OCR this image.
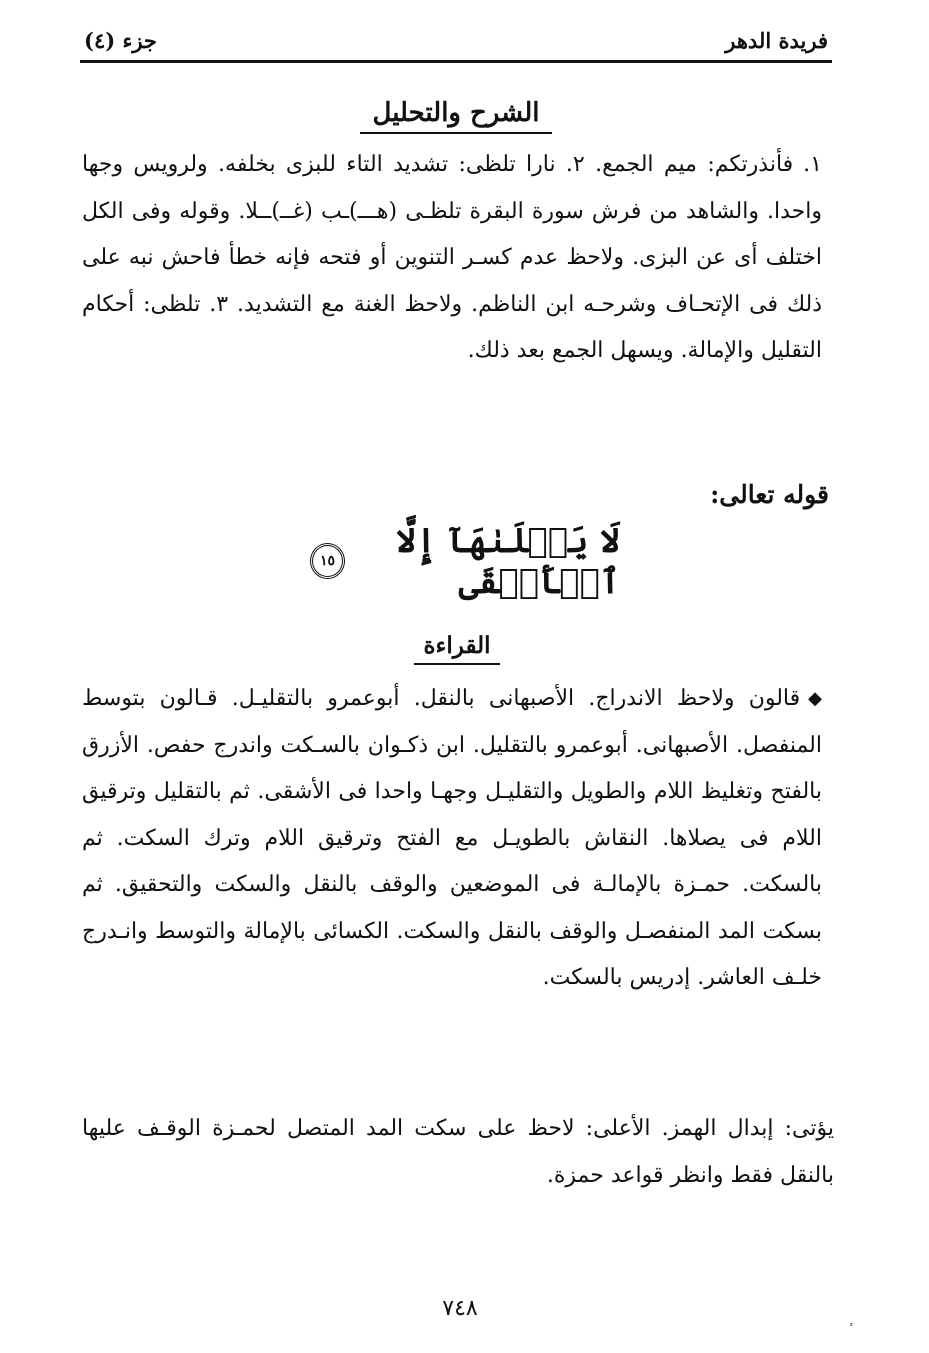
فريدة الدهر
جزء (٤)
الشرح والتحليل
١.
فأنذرتكم: ميم الجمع. ٢. نارا تلظى: تشديد التاء للبزى بخلفه. ولرويس وجها واحدا. والشاهد من فرش سورة البقرة تلظـى (هـــ)ـب (غــ)ــلا. وقوله وفى الكل اختلف أى عن البزى. ولاحظ عدم كسـر التنوين أو فتحه فإنه خطأ فاحش نبه على ذلك فى الإتحـاف وشرحـه ابن الناظم. ولاحظ الغنة مع التشديد. ٣. تلظى: أحكام التقليل والإمالة. ويسهل الجمع بعد ذلك.
قوله تعالى:
لَا يَصۡلَىٰهَآ إِلَّا ٱلۡأَشۡقَى
١٥
القراءة
◆
قالون ولاحظ الاندراج. الأصبهانى بالنقل. أبوعمرو بالتقليـل. قـالون بتوسط المنفصل. الأصبهانى. أبوعمرو بالتقليل. ابن ذكـوان بالسـكت واندرج حفص. الأزرق بالفتح وتغليظ اللام والطويل والتقليـل وجهـا واحدا فى الأشقى. ثم بالتقليل وترقيق اللام فى يصلاها. النقاش بالطويـل مع الفتح وترقيق اللام وترك السكت. ثم بالسكت. حمـزة بالإمالـة فى الموضعين والوقف بالنقل والسكت والتحقيق. ثم بسكت المد المنفصـل والوقف بالنقل والسكت. الكسائى بالإمالة والتوسط وانـدرج خلـف العاشر. إدريس بالسكت.
يؤتى: إبدال الهمز. الأعلى: لاحظ على سكت المد المتصل لحمـزة الوقـف عليها بالنقل فقط وانظر قواعد حمزة.
٧٤٨
